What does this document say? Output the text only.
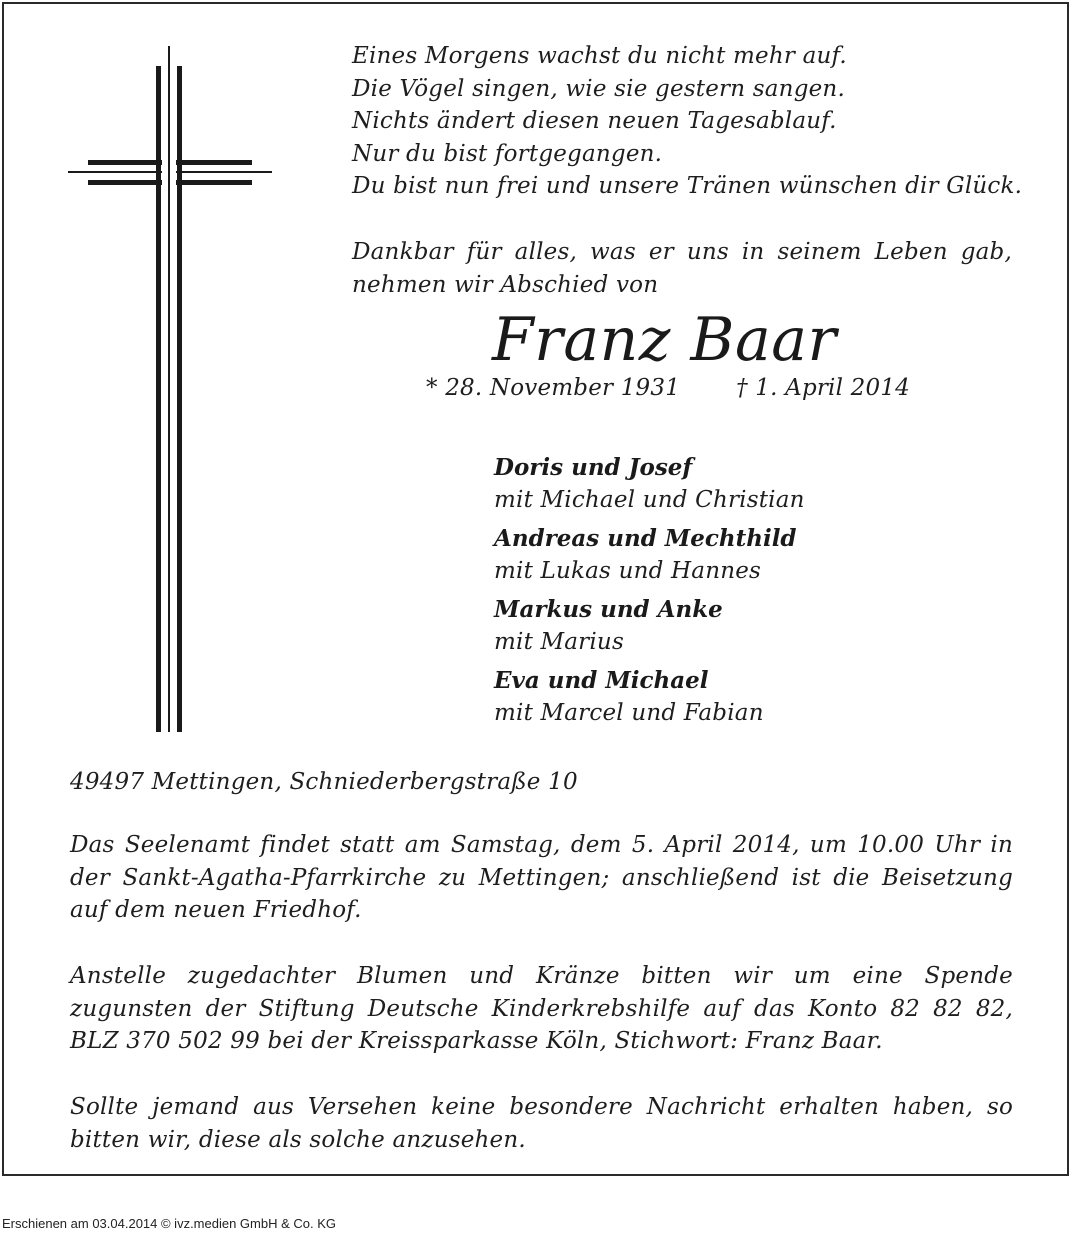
Eines Morgens wachst du nicht mehr auf.
Die Vögel singen, wie sie gestern sangen.
Nichts ändert diesen neuen Tagesablauf.
Nur du bist fortgegangen.
Du bist nun frei und unsere Tränen wünschen dir Glück.
Dankbar für alles, was er uns in seinem Leben gab,
nehmen wir Abschied von
Franz Baar
* 28. November 1931 † 1. April 2014
Doris und Josef
mit Michael und Christian
Andreas und Mechthild
mit Lukas und Hannes
Markus und Anke
mit Marius
Eva und Michael
mit Marcel und Fabian
49497 Mettingen, Schniederbergstraße 10
Das Seelenamt findet statt am Samstag, dem 5. April 2014, um 10.00 Uhr in der Sankt-Agatha-Pfarrkirche zu Mettingen; anschließend ist die Beisetzung auf dem neuen Friedhof.
Anstelle zugedachter Blumen und Kränze bitten wir um eine Spende zugunsten der Stiftung Deutsche Kinderkrebshilfe auf das Konto 82 82 82, BLZ 370 502 99 bei der Kreissparkasse Köln, Stichwort: Franz Baar.
Sollte jemand aus Versehen keine besondere Nachricht erhalten haben, so bitten wir, diese als solche anzusehen.
Erschienen am 03.04.2014 © ivz.medien GmbH & Co. KG
